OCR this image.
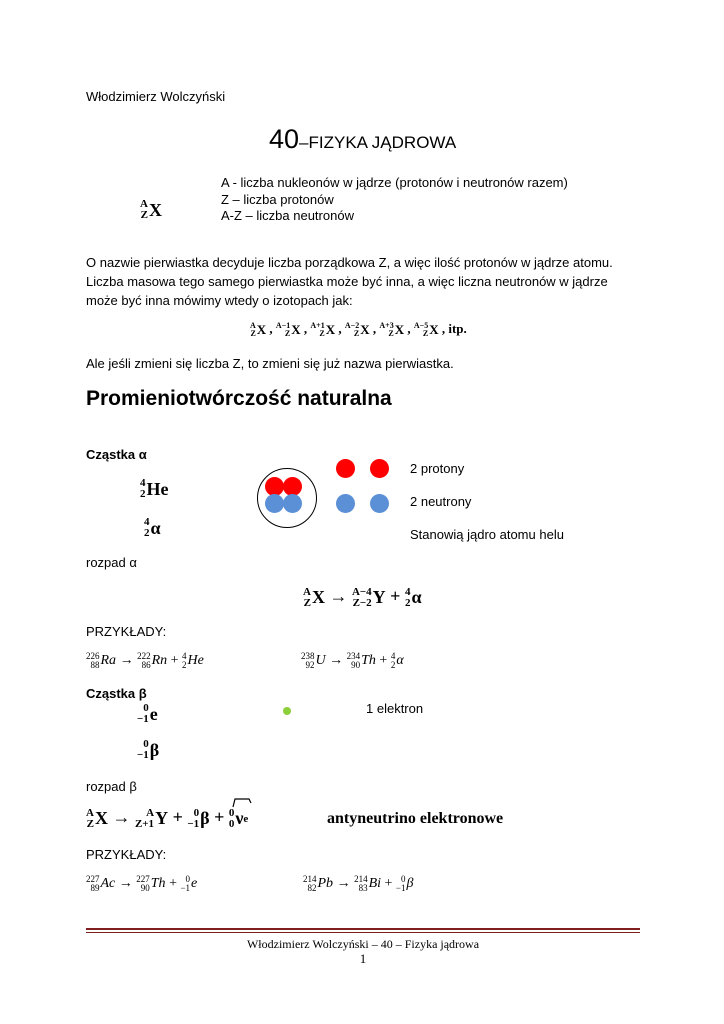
Włodzimierz Wolczyński
40–FIZYKA JĄDROWA
A
Z X
A - liczba nukleonów w jądrze (protonów i neutronów razem)
Z – liczba protonów
A-Z – liczba neutronów
O nazwie pierwiastka decyduje liczba porządkowa Z, a więc ilość protonów w jądrze atomu. Liczba masowa tego samego pierwiastka może być inna, a więc liczna neutronów w jądrze może być inna mówimy wtedy o izotopach jak:
A
Z X , A−1
Z X , A+1
Z X , A−2
Z X , A+3
Z X , A−5
Z X , itp.
Ale jeśli zmieni się liczba Z, to zmieni się już nazwa pierwiastka.
Promieniotwórczość naturalna
Cząstka α
4
2 He
4
2 α
2 protony
2 neutrony
Stanowią jądro atomu helu
rozpad α
A
Z X → A−4
Z−2 Y + 4
2 α
PRZYKŁADY:
226
88 Ra → 222
86 Rn + 4
2 He	238
92 U → 234
90 Th + 4
2 α
Cząstka β
0
−1 e
0
−1 β
1 elektron
rozpad β
A
Z X → A
Z+1 Y + 0
−1 β + 0
0 ν e	antyneutrino elektronowe
PRZYKŁADY:
227
89 Ac → 227
90 Th + 0
−1 e	214
82 Pb → 214
83 Bi + 0
−1 β
Włodzimierz Wolczyński – 40 – Fizyka jądrowa
1
